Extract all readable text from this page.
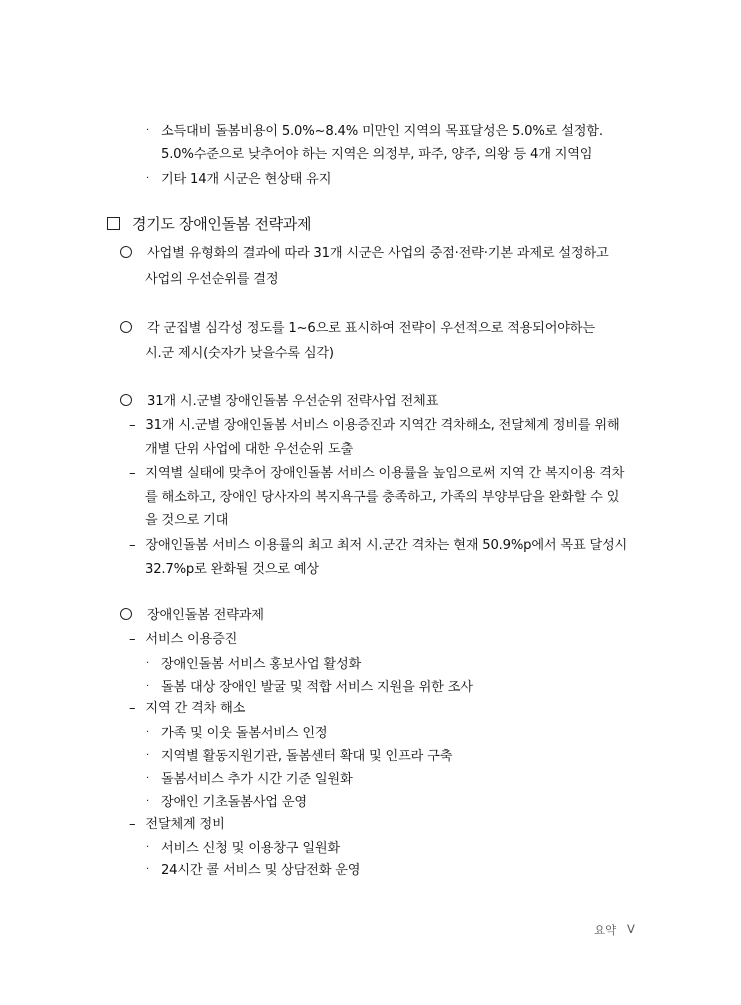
· 소득대비 돌봄비용이 5.0%~8.4% 미만인 지역의 목표달성은 5.0%로 설정함.
5.0%수준으로 낮추어야 하는 지역은 의정부, 파주, 양주, 의왕 등 4개 지역임
· 기타 14개 시군은 현상태 유지
경기도 장애인돌봄 전략과제
사업별 유형화의 결과에 따라 31개 시군은 사업의 중점·전략·기본 과제로 설정하고
사업의 우선순위를 결정
각 군집별 심각성 정도를 1~6으로 표시하여 전략이 우선적으로 적용되어야하는
시.군 제시(숫자가 낮을수록 심각)
31개 시.군별 장애인돌봄 우선순위 전략사업 전체표
– 31개 시.군별 장애인돌봄 서비스 이용증진과 지역간 격차해소, 전달체계 정비를 위해
개별 단위 사업에 대한 우선순위 도출
– 지역별 실태에 맞추어 장애인돌봄 서비스 이용률을 높임으로써 지역 간 복지이용 격차
를 해소하고, 장애인 당사자의 복지욕구를 충족하고, 가족의 부양부담을 완화할 수 있
을 것으로 기대
– 장애인돌봄 서비스 이용률의 최고 최저 시.군간 격차는 현재 50.9%p에서 목표 달성시
32.7%p로 완화될 것으로 예상
장애인돌봄 전략과제
– 서비스 이용증진
· 장애인돌봄 서비스 홍보사업 활성화
· 돌봄 대상 장애인 발굴 및 적합 서비스 지원을 위한 조사
– 지역 간 격차 해소
· 가족 및 이웃 돌봄서비스 인정
· 지역별 활동지원기관, 돌봄센터 확대 및 인프라 구축
· 돌봄서비스 추가 시간 기준 일원화
· 장애인 기초돌봄사업 운영
– 전달체계 정비
· 서비스 신청 및 이용창구 일원화
· 24시간 콜 서비스 및 상담전화 운영
요약 V
